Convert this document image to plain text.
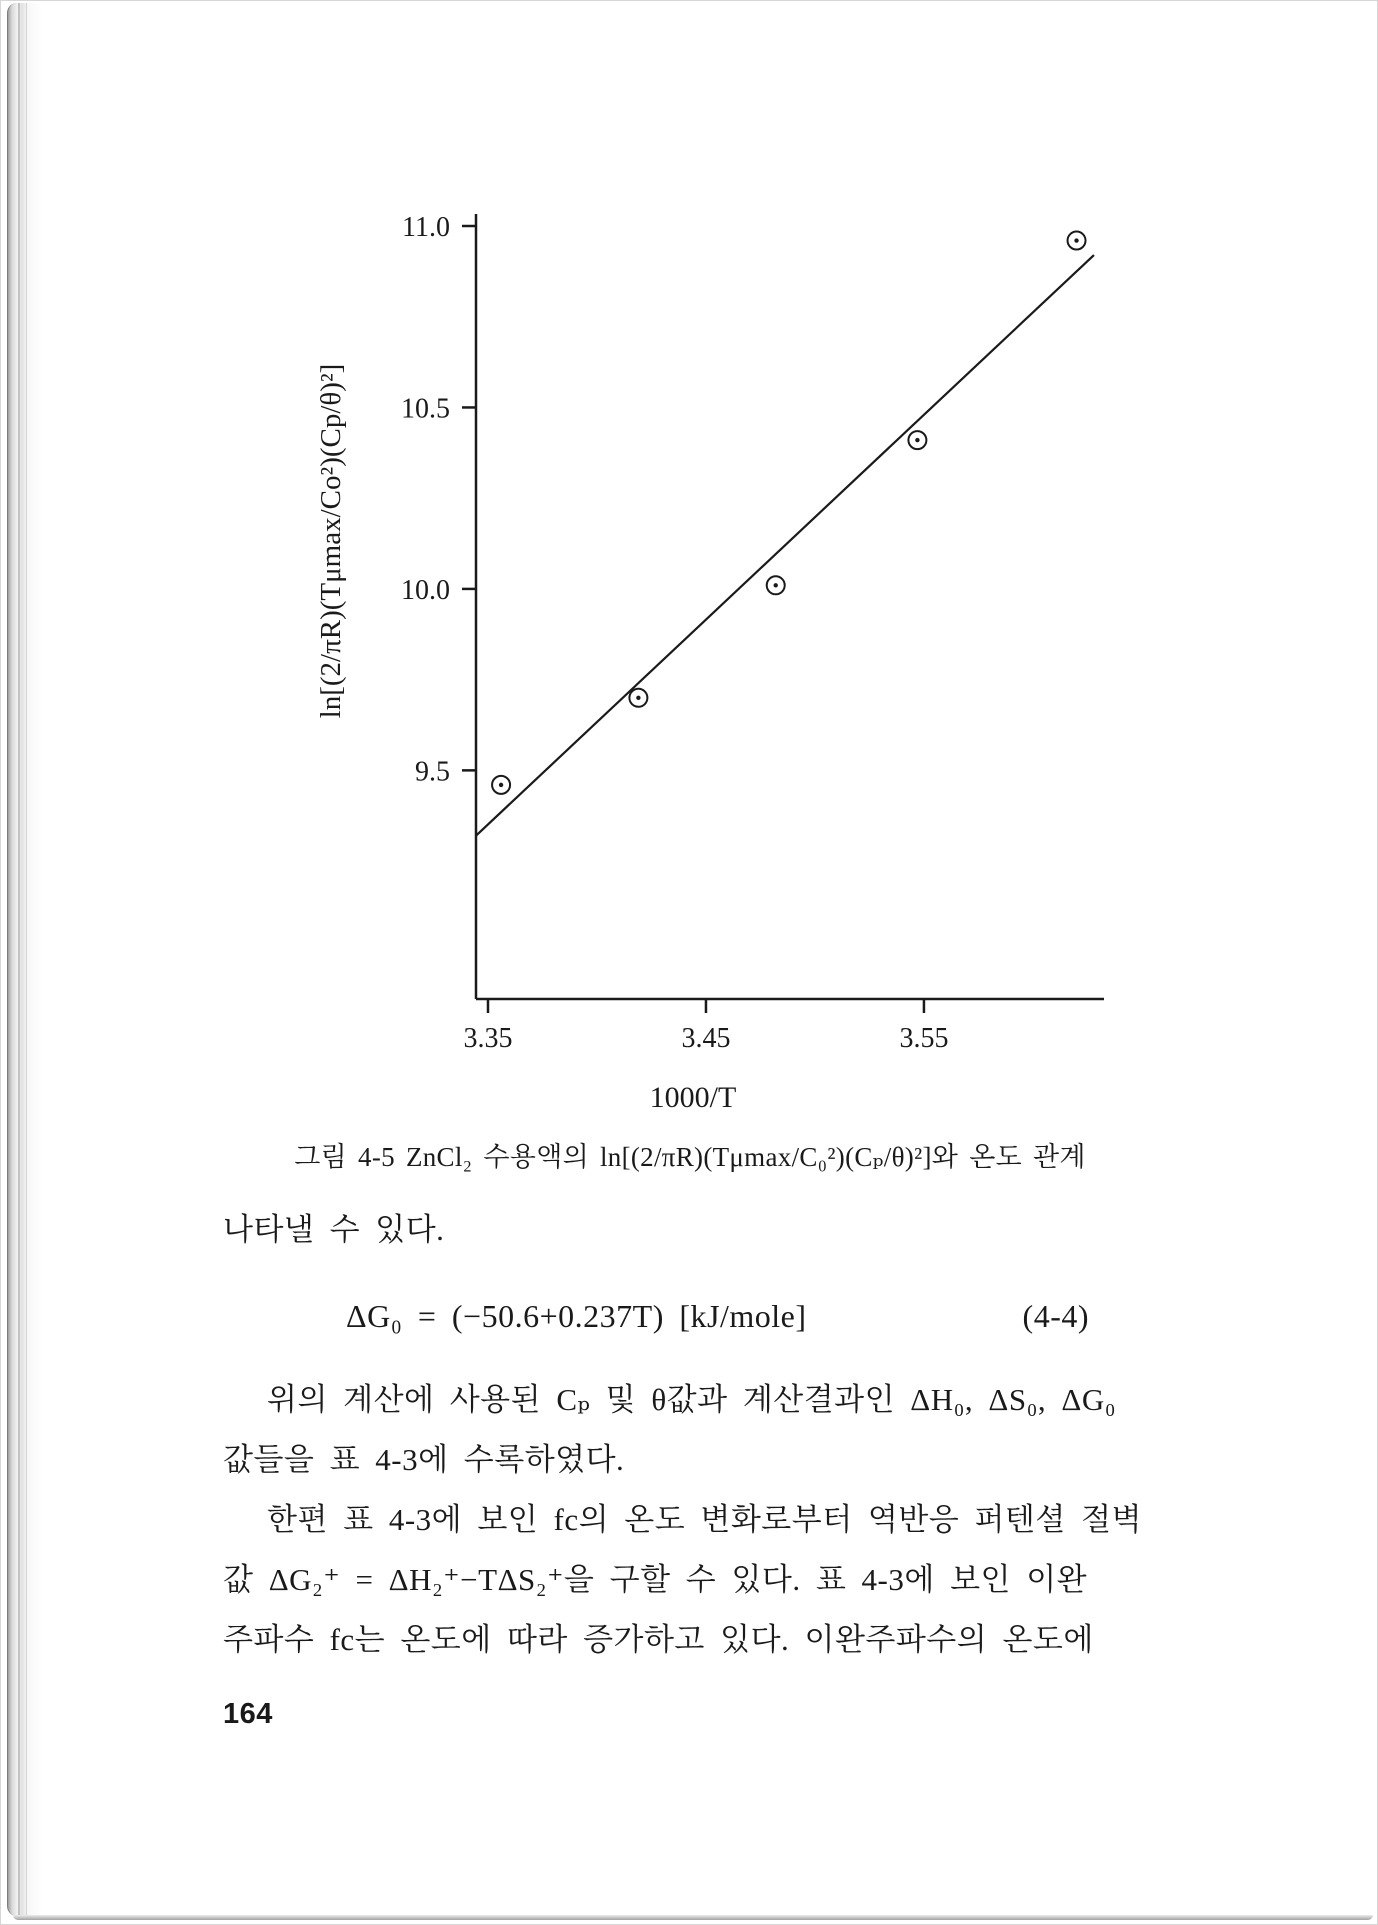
9.5
10.0
10.5
11.0
3.35	3.45	3.55
ln[(2/πR)(Tμmax/Co²)(Cp/θ)²]
1000/T
그림 4-5 ZnCl₂ 수용액의 ln[(2/πR)(Tμmax/C₀²)(Cₚ/θ)²]와 온도 관계
나타낼 수 있다.
ΔG₀ = (−50.6+0.237T) [kJ/mole]	(4-4)
위의 계산에 사용된 Cₚ 및 θ값과 계산결과인 ΔH₀, ΔS₀, ΔG₀
값들을 표 4-3에 수록하였다.
한편 표 4-3에 보인 fc의 온도 변화로부터 역반응 퍼텐셜 절벽
값 ΔG₂⁺ = ΔH₂⁺−TΔS₂⁺을 구할 수 있다. 표 4-3에 보인 이완
주파수 fc는 온도에 따라 증가하고 있다. 이완주파수의 온도에
164
